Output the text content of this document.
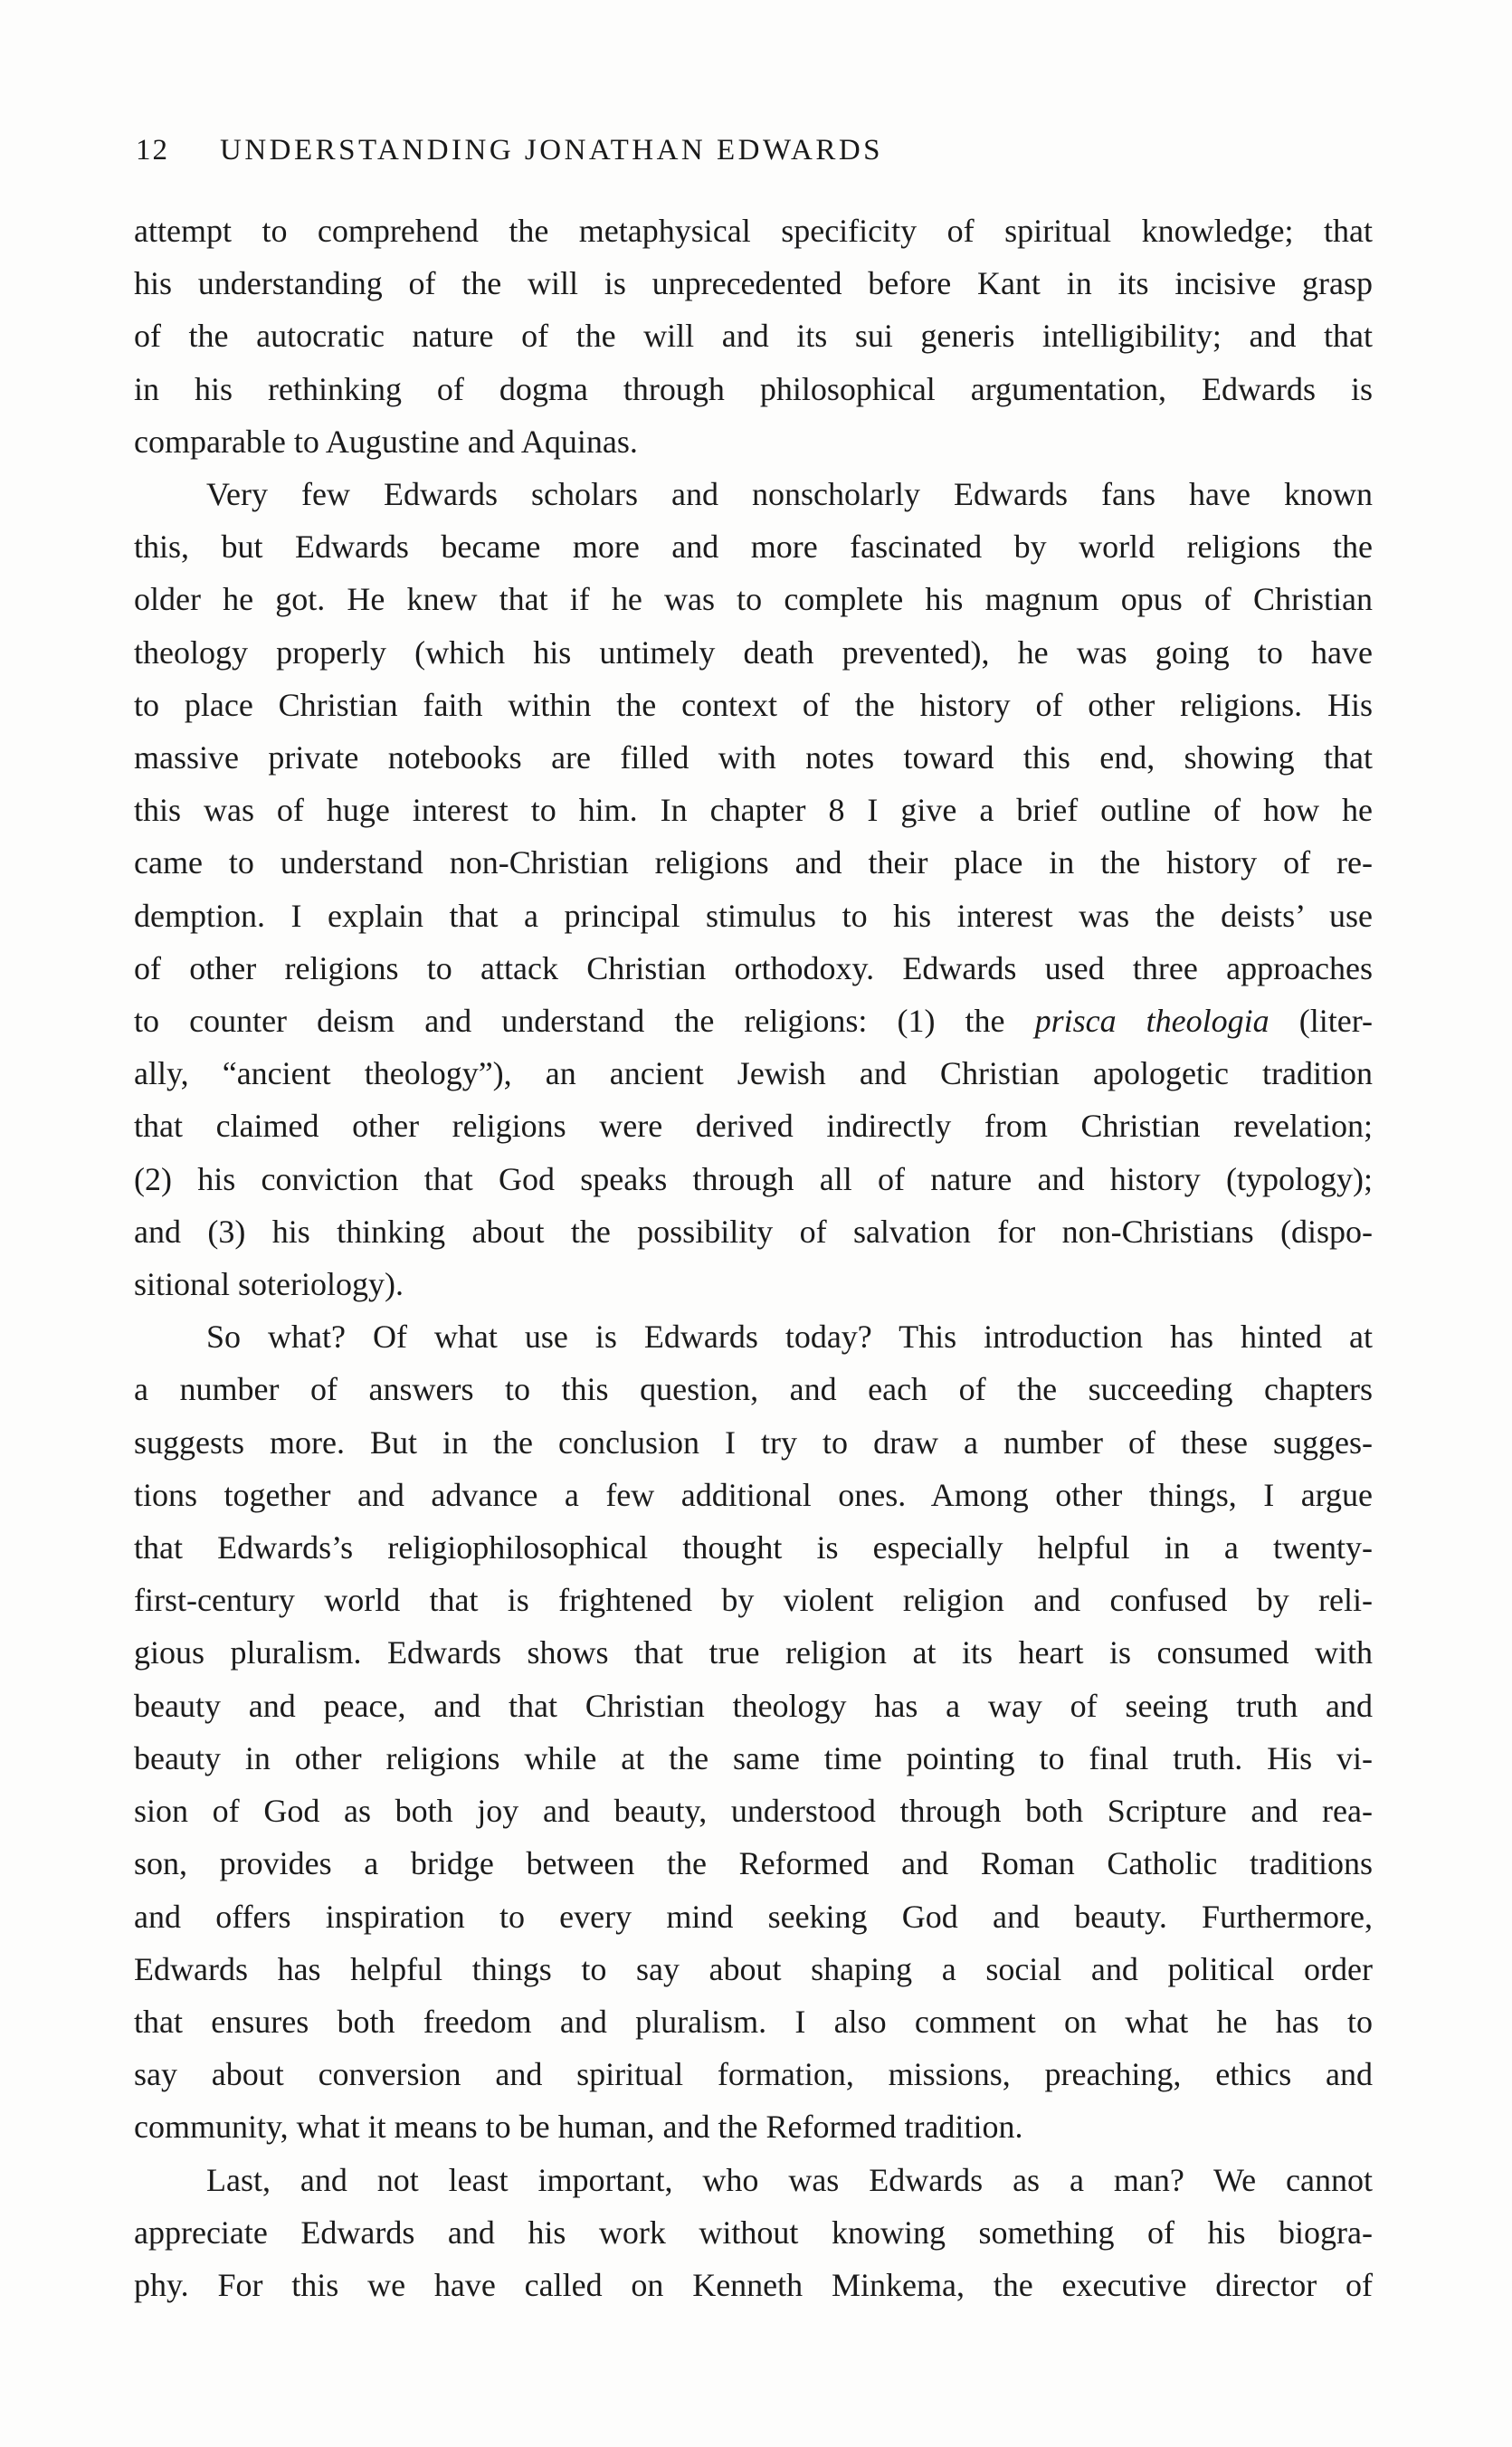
12 UNDERSTANDING JONATHAN EDWARDS
attempt to comprehend the metaphysical specificity of spiritual knowledge; that
his understanding of the will is unprecedented before Kant in its incisive grasp
of the autocratic nature of the will and its sui generis intelligibility; and that
in his rethinking of dogma through philosophical argumentation, Edwards is
comparable to Augustine and Aquinas.
Very few Edwards scholars and nonscholarly Edwards fans have known
this, but Edwards became more and more fascinated by world religions the
older he got. He knew that if he was to complete his magnum opus of Christian
theology properly (which his untimely death prevented), he was going to have
to place Christian faith within the context of the history of other religions. His
massive private notebooks are filled with notes toward this end, showing that
this was of huge interest to him. In chapter 8 I give a brief outline of how he
came to understand non-Christian religions and their place in the history of re-
demption. I explain that a principal stimulus to his interest was the deists’ use
of other religions to attack Christian orthodoxy. Edwards used three approaches
to counter deism and understand the religions: (1) the prisca theologia (liter-
ally, “ancient theology”), an ancient Jewish and Christian apologetic tradition
that claimed other religions were derived indirectly from Christian revelation;
(2) his conviction that God speaks through all of nature and history (typology);
and (3) his thinking about the possibility of salvation for non-Christians (dispo-
sitional soteriology).
So what? Of what use is Edwards today? This introduction has hinted at
a number of answers to this question, and each of the succeeding chapters
suggests more. But in the conclusion I try to draw a number of these sugges-
tions together and advance a few additional ones. Among other things, I argue
that Edwards’s religiophilosophical thought is especially helpful in a twenty-
first-century world that is frightened by violent religion and confused by reli-
gious pluralism. Edwards shows that true religion at its heart is consumed with
beauty and peace, and that Christian theology has a way of seeing truth and
beauty in other religions while at the same time pointing to final truth. His vi-
sion of God as both joy and beauty, understood through both Scripture and rea-
son, provides a bridge between the Reformed and Roman Catholic traditions
and offers inspiration to every mind seeking God and beauty. Furthermore,
Edwards has helpful things to say about shaping a social and political order
that ensures both freedom and pluralism. I also comment on what he has to
say about conversion and spiritual formation, missions, preaching, ethics and
community, what it means to be human, and the Reformed tradition.
Last, and not least important, who was Edwards as a man? We cannot
appreciate Edwards and his work without knowing something of his biogra-
phy. For this we have called on Kenneth Minkema, the executive director of
